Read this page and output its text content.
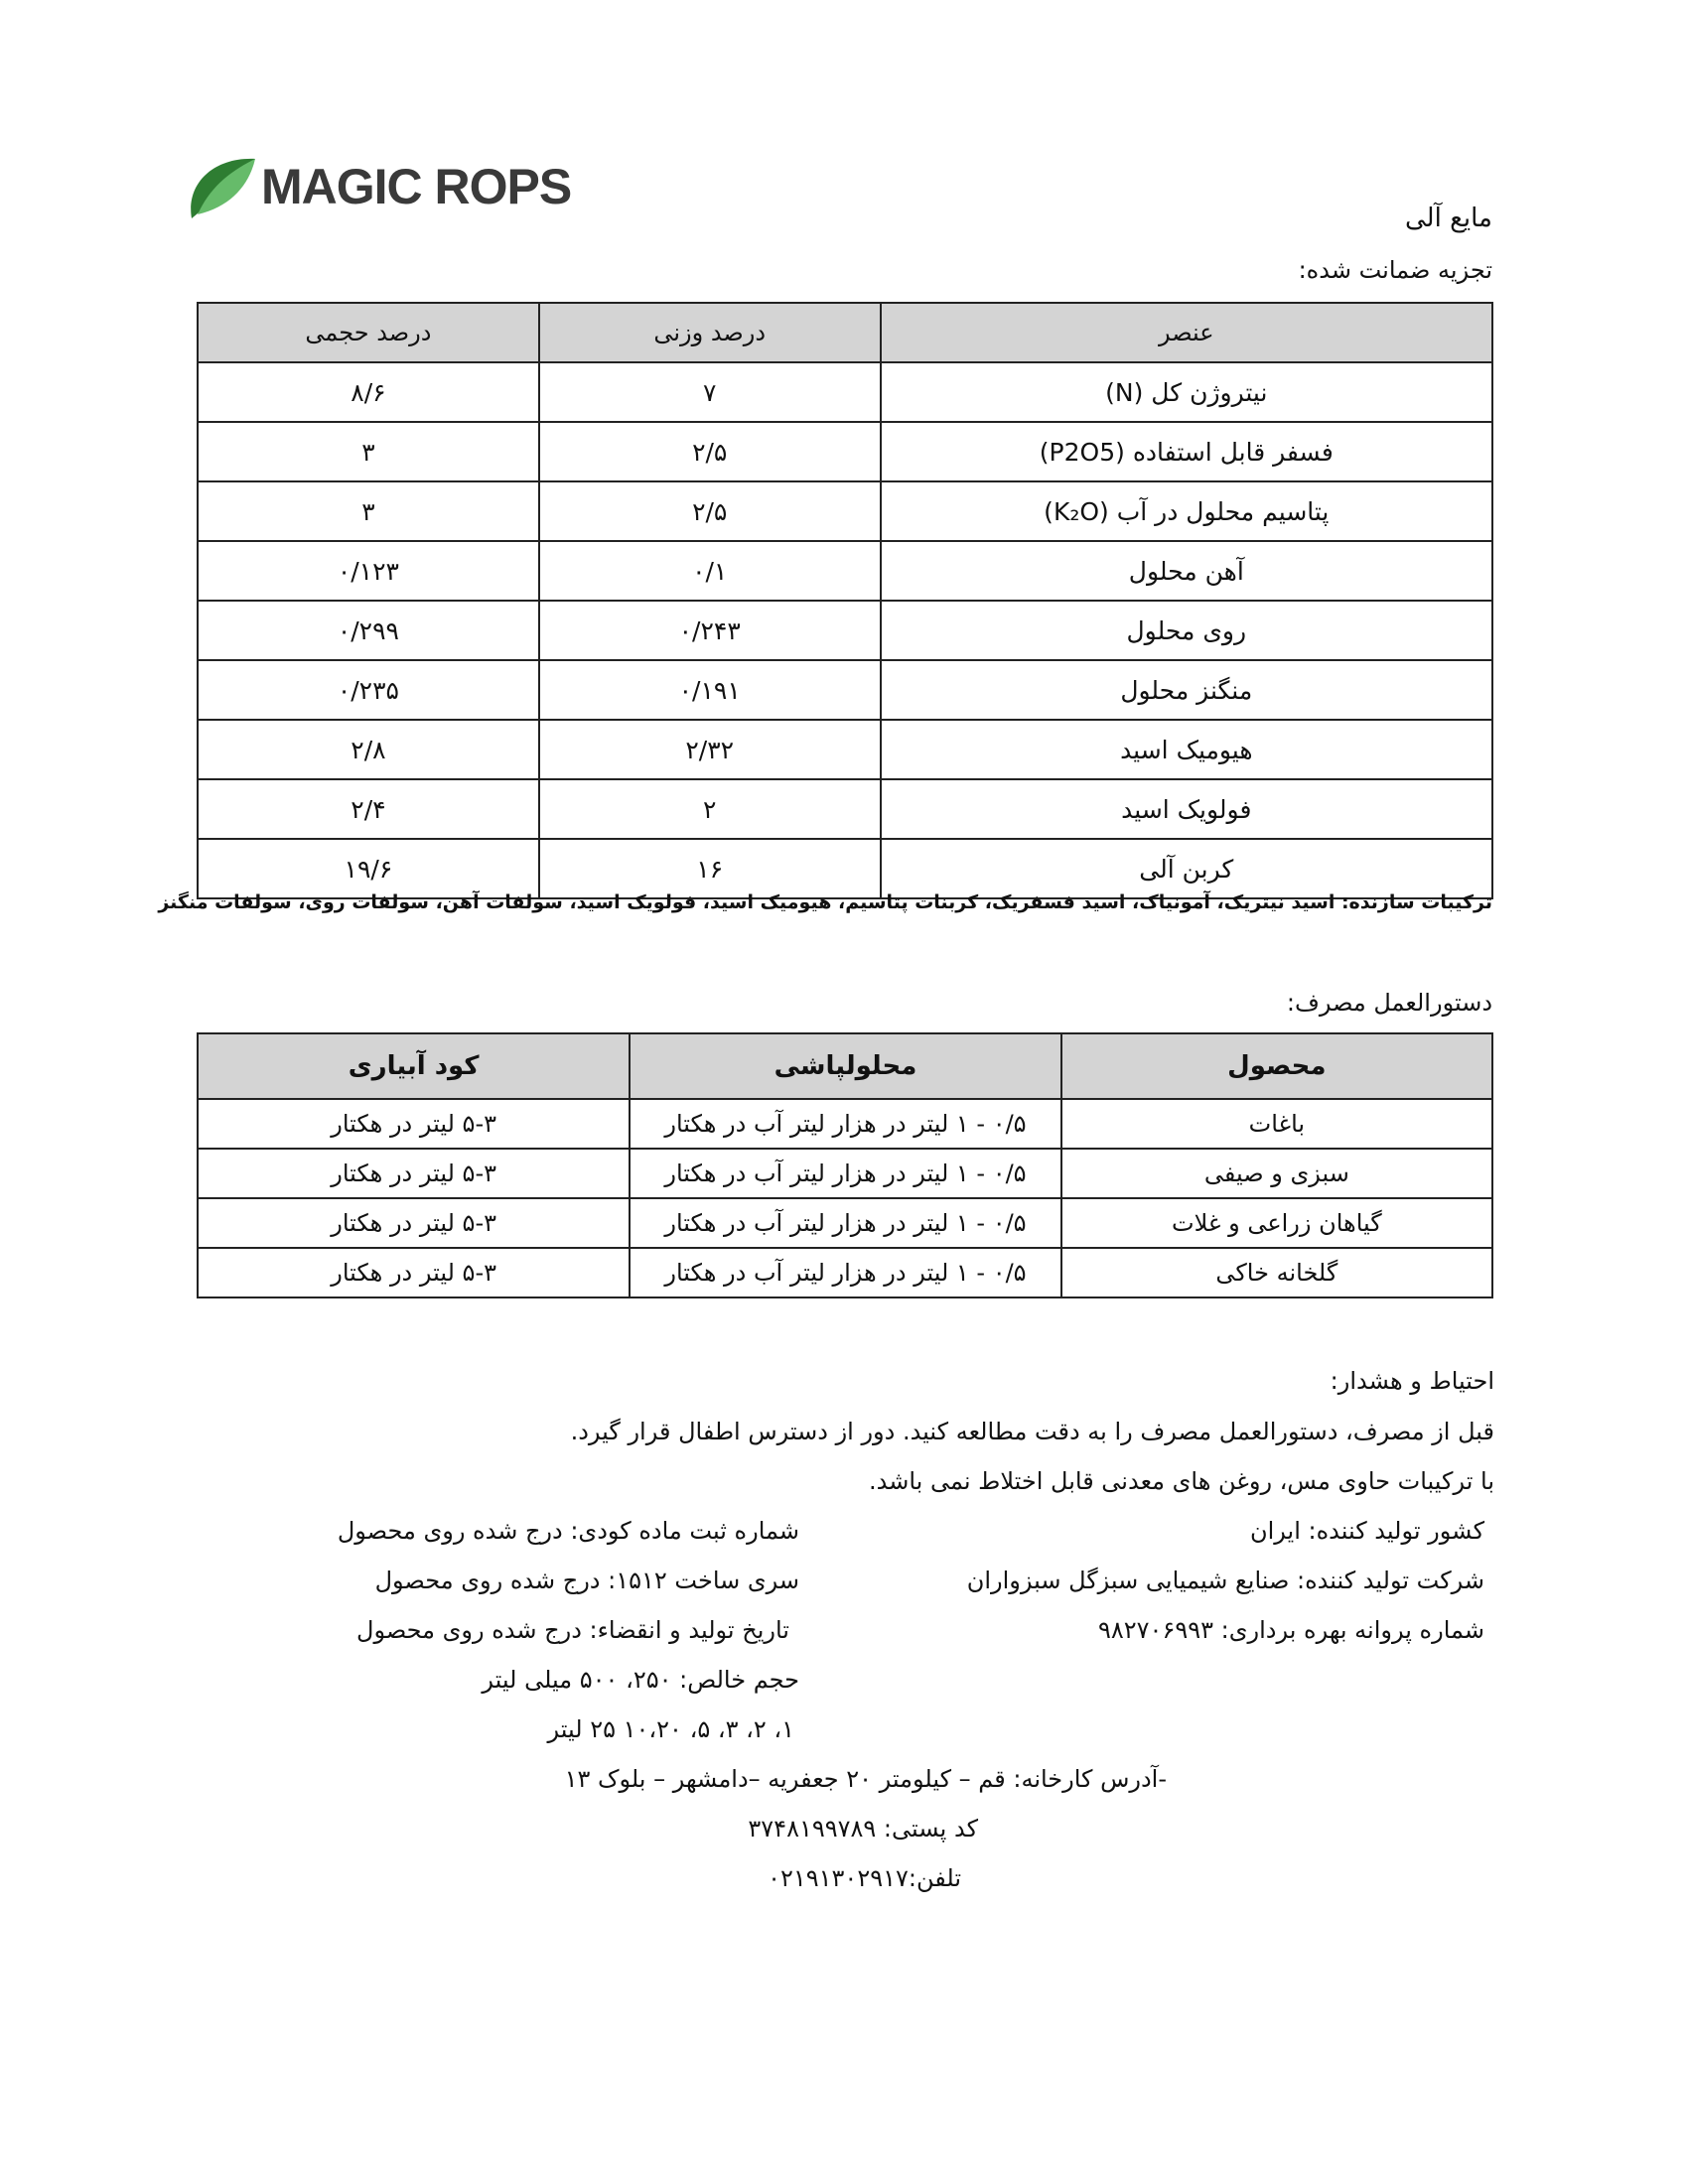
MAGIC ROPS
مایع آلی
تجزیه ضمانت شده:
عنصر	درصد وزنی	درصد حجمی
نیتروژن کل (N)	۷	۸/۶
فسفر قابل استفاده (P2O5)	۲/۵	۳
پتاسیم محلول در آب (K₂O)	۲/۵	۳
آهن محلول	۰/۱	۰/۱۲۳
روی محلول	۰/۲۴۳	۰/۲۹۹
منگنز محلول	۰/۱۹۱	۰/۲۳۵
هیومیک اسید	۲/۳۲	۲/۸
فولویک اسید	۲	۲/۴
کربن آلی	۱۶	۱۹/۶
ترکیبات سازنده: اسید نیتریک، آمونیاک، اسید فسفریک، کربنات پتاسیم، هیومیک اسید، فولویک اسید، سولفات آهن، سولفات روی، سولفات منگنز
دستورالعمل مصرف:
محصول	محلولپاشی	کود آبیاری
باغات	۰/۵ - ۱ لیتر در هزار لیتر آب در هکتار	۵-۳ لیتر در هکتار
سبزی و صیفی	۰/۵ - ۱ لیتر در هزار لیتر آب در هکتار	۵-۳ لیتر در هکتار
گیاهان زراعی و غلات	۰/۵ - ۱ لیتر در هزار لیتر آب در هکتار	۵-۳ لیتر در هکتار
گلخانه خاکی	۰/۵ - ۱ لیتر در هزار لیتر آب در هکتار	۵-۳ لیتر در هکتار
احتیاط و هشدار:
قبل از مصرف، دستورالعمل مصرف را به دقت مطالعه کنید. دور از دسترس اطفال قرار گیرد.
با ترکیبات حاوی مس، روغن های معدنی قابل اختلاط نمی باشد.
کشور تولید کننده: ایران
شرکت تولید کننده: صنایع شیمیایی سبزگل سبزواران
شماره پروانه بهره برداری: ۹۸۲۷۰۶۹۹۳
شماره ثبت ماده کودی: درج شده روی محصول
سری ساخت ۱۵۱۲: درج شده روی محصول
تاریخ تولید و انقضاء: درج شده روی محصول
حجم خالص: ۲۵۰، ۵۰۰ میلی لیتر
۱، ۲، ۳، ۵، ۱۰،۲۰ ۲۵ لیتر
-آدرس کارخانه: قم – کیلومتر ۲۰ جعفریه –دامشهر – بلوک ۱۳
کد پستی: ۳۷۴۸۱۹۹۷۸۹
تلفن:۰۲۱۹۱۳۰۲۹۱۷
